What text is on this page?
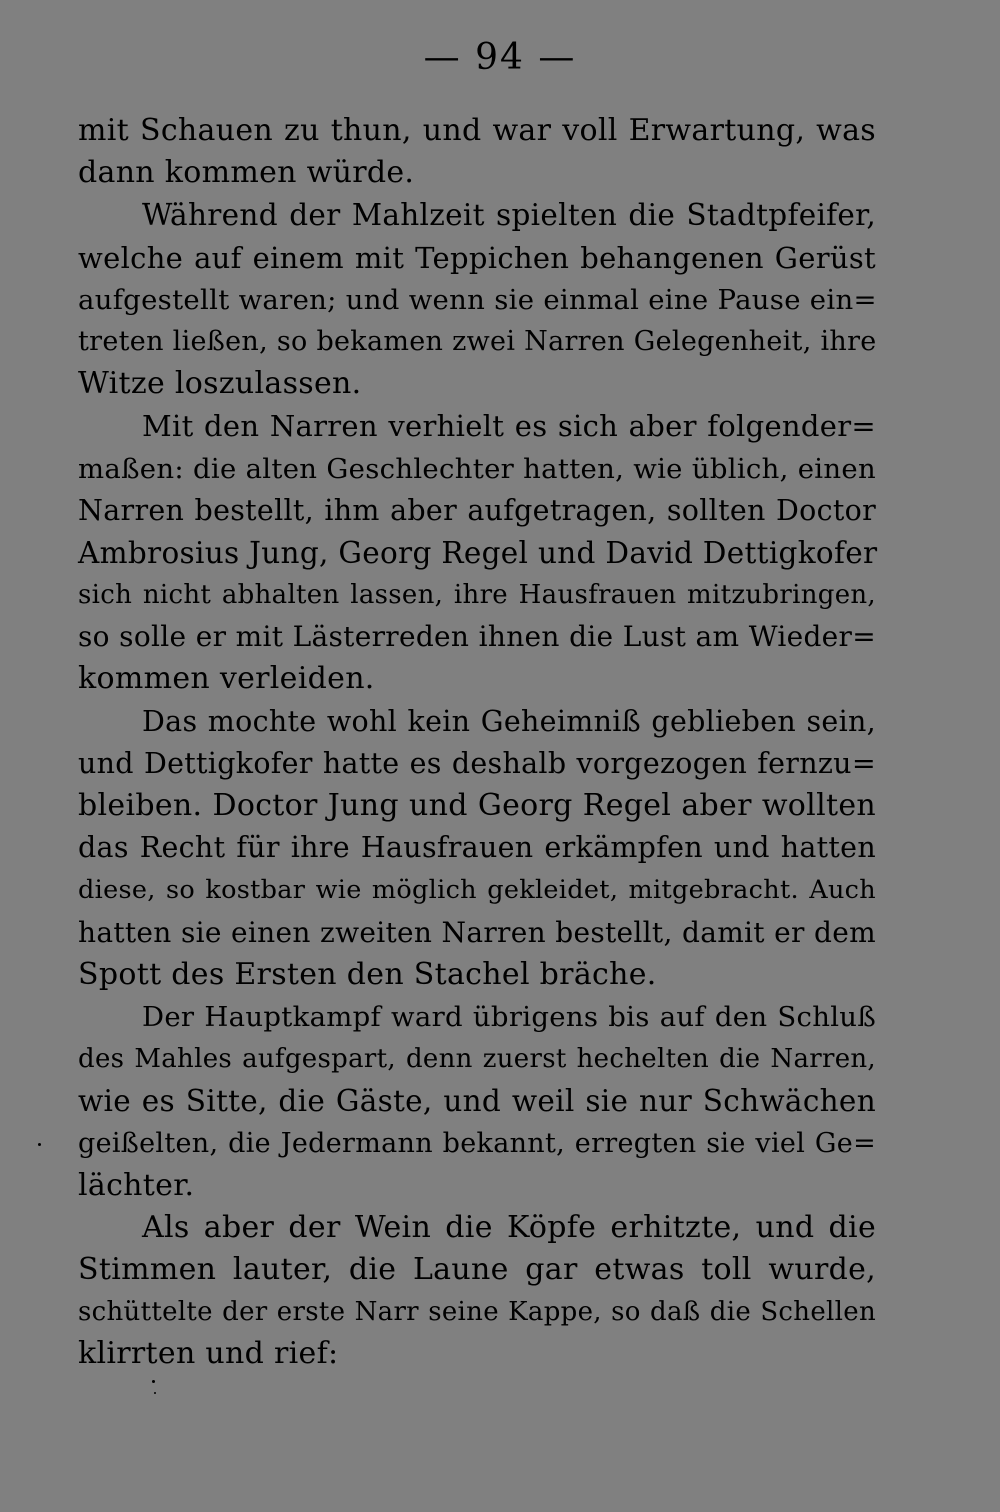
— 94 —
mit Schauen zu thun, und war voll Erwartung, was
dann kommen würde.
Während der Mahlzeit spielten die Stadtpfeifer,
welche auf einem mit Teppichen behangenen Gerüst
aufgestellt waren; und wenn sie einmal eine Pause ein=
treten ließen, so bekamen zwei Narren Gelegenheit, ihre
Witze loszulassen.
Mit den Narren verhielt es sich aber folgender=
maßen: die alten Geschlechter hatten, wie üblich, einen
Narren bestellt, ihm aber aufgetragen, sollten Doctor
Ambrosius Jung, Georg Regel und David Dettigkofer
sich nicht abhalten lassen, ihre Hausfrauen mitzubringen,
so solle er mit Lästerreden ihnen die Lust am Wieder=
kommen verleiden.
Das mochte wohl kein Geheimniß geblieben sein,
und Dettigkofer hatte es deshalb vorgezogen fernzu=
bleiben. Doctor Jung und Georg Regel aber wollten
das Recht für ihre Hausfrauen erkämpfen und hatten
diese, so kostbar wie möglich gekleidet, mitgebracht. Auch
hatten sie einen zweiten Narren bestellt, damit er dem
Spott des Ersten den Stachel bräche.
Der Hauptkampf ward übrigens bis auf den Schluß
des Mahles aufgespart, denn zuerst hechelten die Narren,
wie es Sitte, die Gäste, und weil sie nur Schwächen
geißelten, die Jedermann bekannt, erregten sie viel Ge=
lächter.
Als aber der Wein die Köpfe erhitzte, und die
Stimmen lauter, die Laune gar etwas toll wurde,
schüttelte der erste Narr seine Kappe, so daß die Schellen
klirrten und rief:
